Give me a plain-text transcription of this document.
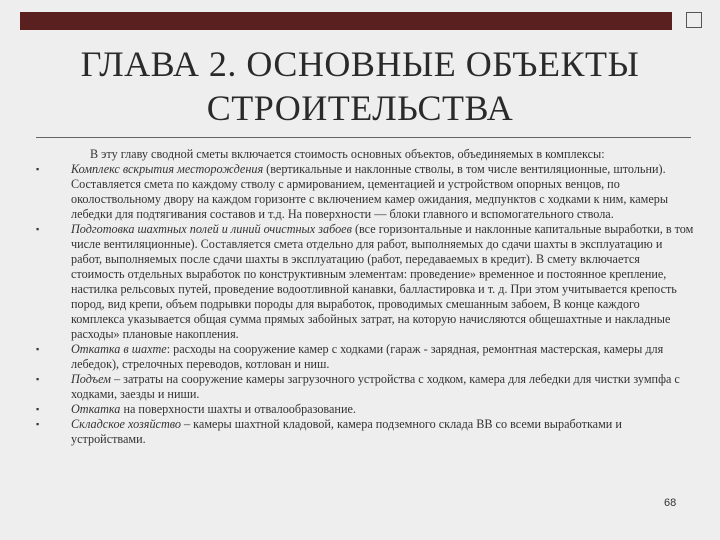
ГЛАВА 2. ОСНОВНЫЕ ОБЪЕКТЫ
СТРОИТЕЛЬСТВА

В эту главу сводной сметы включается стоимость основных объектов, объединяемых в комплексы:

▪	Комплекс вскрытия месторождения (вертикальные и наклонные стволы, в том числе вентиляционные, штольни). Составляется смета по каждому стволу с армированием, цементацией и устройством опорных венцов, по околоствольному двору на каждом горизонте с включением камер ожидания, медпунктов с ходками к ним, камеры лебедки для подтягивания составов и т.д. На поверхности — блоки главного и вспомогательного ствола.

▪	Подготовка шахтных полей и линий очистных забоев (все горизонтальные и наклонные капитальные выработки, в том числе вентиляционные). Составляется смета отдельно для работ, выполняемых до сдачи шахты в эксплуатацию и работ, выполняемых после сдачи шахты в эксплуатацию (работ, передаваемых в кредит). В смету включается стоимость отдельных выработок по конструктивным элементам: проведение» временное и постоянное крепление, настилка рельсовых путей, проведение водоотливной канавки, балластировка и т. д. При этом учитывается крепость пород, вид крепи, объем подрывки породы для выработок, проводимых смешанным забоем, В конце каждого комплекса указывается общая сумма прямых забойных затрат, на которую начисляются общешахтные и накладные расходы» плановые накопления.

▪	Откатка в шахте: расходы на сооружение камер с ходками (гараж - зарядная, ремонтная мастерская, камеры для лебедок), стрелочных переводов, котлован и ниш.

▪	Подъем – затраты на сооружение камеры загрузочного устройства с ходком, камера для лебедки для чистки зумпфа с ходками, заезды и ниши.

▪	Откатка на поверхности шахты и отвалообразование.

▪	Складское хозяйство – камеры шахтной кладовой, камера подземного склада ВВ со всеми выработками и устройствами.

68
